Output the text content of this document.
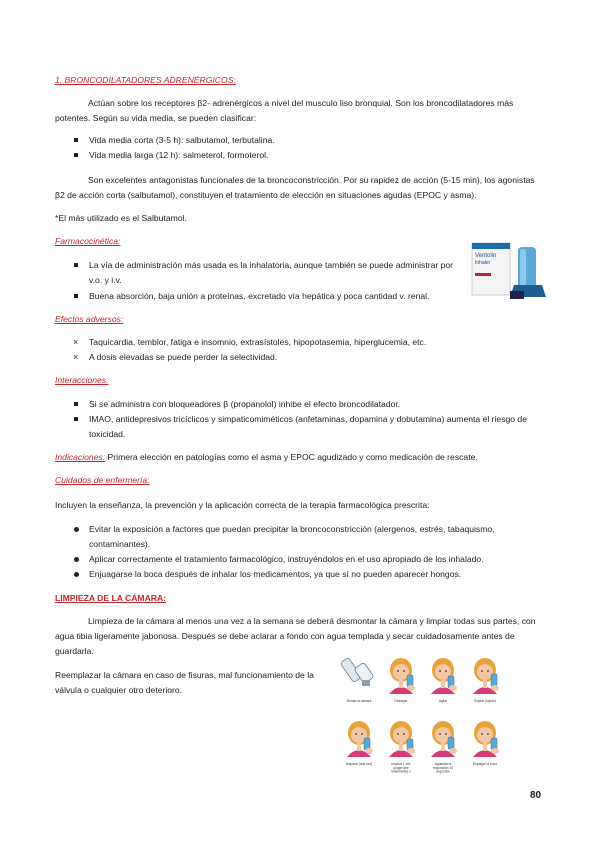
1. BRONCODILATADORES ADRENÉRGICOS:

Actúan sobre los receptores β2- adrenérgicos a nivel del musculo liso bronquial. Son los broncodilatadores más potentes. Según su vida media, se pueden clasificar:

Vida media corta (3-5 h): salbutamol, terbutalina.
Vida media larga (12 h): salmeterol, formoterol.

Son excelentes antagonistas funcionales de la broncoconstricción. Por su rapidez de acción (5-15 min), los agonistas β2 de acción corta (salbutamol), constituyen el tratamiento de elección en situaciones agudas (EPOC y asma).

*El más utilizado es el Salbutamol.

Farmacocinética:

La vía de administración más usada es la inhalatoria, aunque también se puede administrar por v.o. y i.v.
Buena absorción, baja unión a proteínas, excretado vía hepática y poca cantidad v. renal.
Ventolin
Inhaler

Efectos adversos:

× Taquicardia, temblor, fatiga e insomnio, extrasístoles, hipopotasemia, hiperglucemia, etc.
× A dosis elevadas se puede perder la selectividad.

Interacciones:

Si se administra con bloqueadores β (propanolol) inhibe el efecto broncodilatador.
IMAO, antidepresivos tricíclicos y simpaticomiméticos (anfetaminas, dopamina y dobutamina) aumenta el riesgo de toxicidad.

Indicaciones: Primera elección en patologías como el asma y EPOC agudizado y como medicación de rescate.

Cuidados de enfermería:

Incluyen la enseñanza, la prevención y la aplicación correcta de la terapia farmacológica prescrita:

Evitar la exposición a factores que puedan precipitar la broncoconstricción (alergenos, estrés, tabaquismo, contaminantes).
Aplicar correctamente el tratamiento farmacológico, instruyéndolos en el uso apropiado de los inhalado.
Enjuagarse la boca después de inhalar los medicamentos, ya que sí no pueden aparecer hongos.

LIMPIEZA DE LA CÁMARA:

Limpieza de la cámara al menos una vez a la semana se deberá desmontar la cámara y limpiar todas sus partes, con agua tibia ligeramente jabonosa. Después se debe aclarar a fondo con agua templada y secar cuidadosamente antes de guardarla.

Reemplazar la cámara en caso de fisuras, mal funcionamiento de la válvula o cualquier otro deterioro.

Montar la cámara	Destapar	Agitar	Espirar (soplar)
Disparar (una vez)	Inspirar 1 vez (coger aire lentamente) o
Aguantar la respiración 10 segundos
Enjuagar la boca

80
